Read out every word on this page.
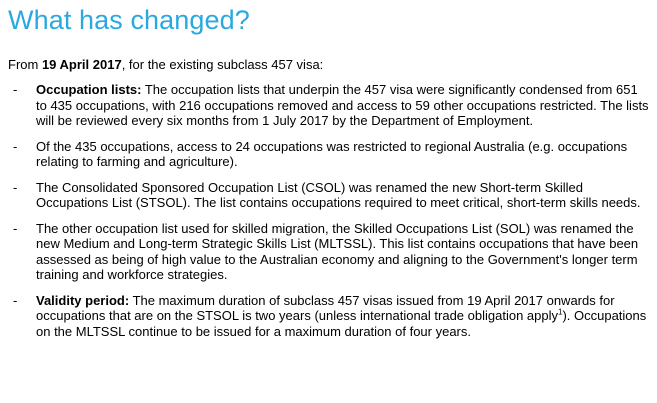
What has changed?

From 19 April 2017, for the existing subclass 457 visa:

- Occupation lists: The occupation lists that underpin the 457 visa were significantly condensed from 651 to 435 occupations, with 216 occupations removed and access to 59 other occupations restricted. The lists will be reviewed every six months from 1 July 2017 by the Department of Employment.
- Of the 435 occupations, access to 24 occupations was restricted to regional Australia (e.g. occupations relating to farming and agriculture).
- The Consolidated Sponsored Occupation List (CSOL) was renamed the new Short-term Skilled Occupations List (STSOL). The list contains occupations required to meet critical, short-term skills needs.
- The other occupation list used for skilled migration, the Skilled Occupations List (SOL) was renamed the new Medium and Long-term Strategic Skills List (MLTSSL). This list contains occupations that have been assessed as being of high value to the Australian economy and aligning to the Government's longer term training and workforce strategies.
- Validity period: The maximum duration of subclass 457 visas issued from 19 April 2017 onwards for occupations that are on the STSOL is two years (unless international trade obligation apply$^1$). Occupations on the MLTSSL continue to be issued for a maximum duration of four years.
